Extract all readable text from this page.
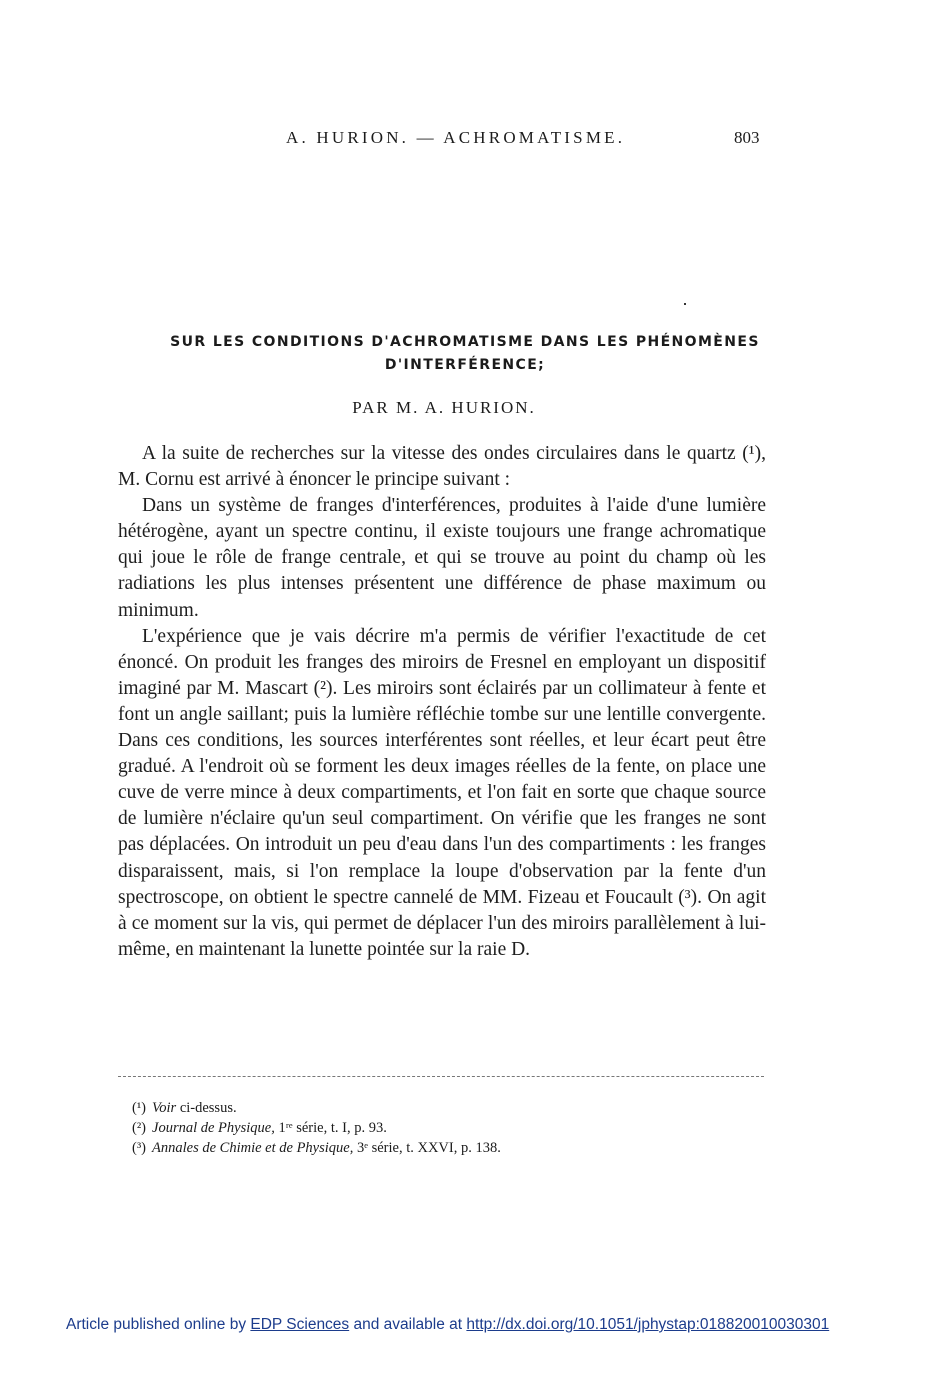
A. HURION. — ACHROMATISME.	803
SUR LES CONDITIONS D'ACHROMATISME DANS LES PHÉNOMÈNES
D'INTERFÉRENCE;
PAR M. A. HURION.

A la suite de recherches sur la vitesse des ondes circulaires dans le quartz (¹), M. Cornu est arrivé à énoncer le principe suivant :

Dans un système de franges d'interférences, produites à l'aide d'une lumière hétérogène, ayant un spectre continu, il existe toujours une frange achromatique qui joue le rôle de frange centrale, et qui se trouve au point du champ où les radiations les plus intenses présentent une différence de phase maximum ou minimum.

L'expérience que je vais décrire m'a permis de vérifier l'exactitude de cet énoncé. On produit les franges des miroirs de Fresnel en employant un dispositif imaginé par M. Mascart (²). Les miroirs sont éclairés par un collimateur à fente et font un angle saillant; puis la lumière réfléchie tombe sur une lentille convergente. Dans ces conditions, les sources interférentes sont réelles, et leur écart peut être gradué. A l'endroit où se forment les deux images réelles de la fente, on place une cuve de verre mince à deux compartiments, et l'on fait en sorte que chaque source de lumière n'éclaire qu'un seul compartiment. On vérifie que les franges ne sont pas déplacées. On introduit un peu d'eau dans l'un des compartiments : les franges disparaissent, mais, si l'on remplace la loupe d'observation par la fente d'un spectroscope, on obtient le spectre cannelé de MM. Fizeau et Foucault (³). On agit à ce moment sur la vis, qui permet de déplacer l'un des miroirs parallèlement à lui-même, en maintenant la lunette pointée sur la raie D.

(¹) Voir ci-dessus.
(²) Journal de Physique, 1ʳᵉ série, t. I, p. 93.
(³) Annales de Chimie et de Physique, 3ᵉ série, t. XXVI, p. 138.
Article published online by EDP Sciences and available at http://dx.doi.org/10.1051/jphystap:018820010030301
